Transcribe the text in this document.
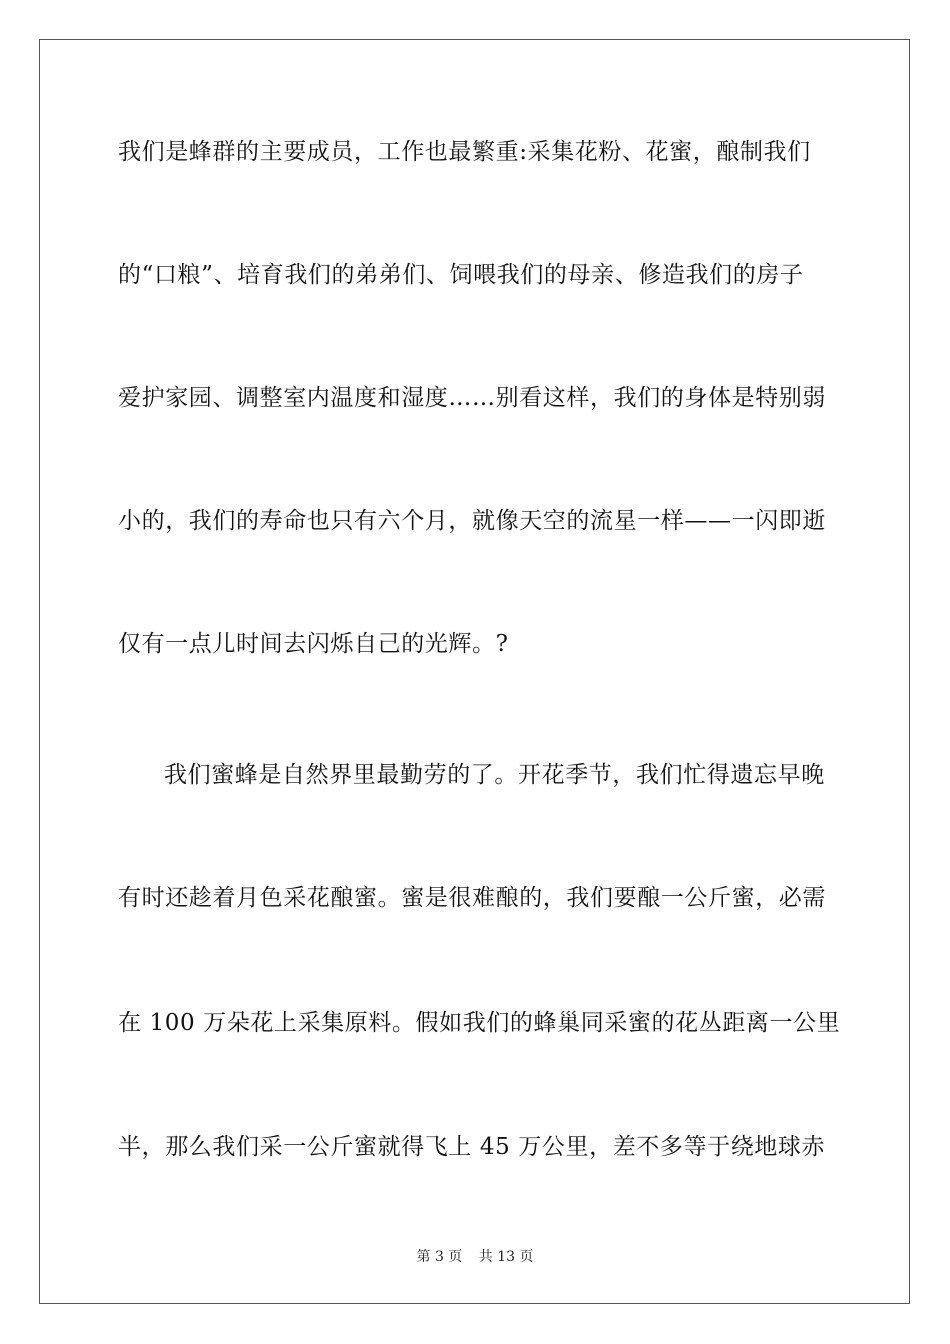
我们是蜂群的主要成员，工作也最繁重:采集花粉、花蜜，酿制我们
的“口粮”、培育我们的弟弟们、饲喂我们的母亲、修造我们的房子
爱护家园、调整室内温度和湿度……别看这样，我们的身体是特别弱
小的，我们的寿命也只有六个月，就像天空的流星一样——一闪即逝
仅有一点儿时间去闪烁自己的光辉。?
我们蜜蜂是自然界里最勤劳的了。开花季节，我们忙得遗忘早晚
有时还趁着月色采花酿蜜。蜜是很难酿的，我们要酿一公斤蜜，必需
在 100 万朵花上采集原料。假如我们的蜂巢同采蜜的花丛距离一公里
半，那么我们采一公斤蜜就得飞上 45 万公里，差不多等于绕地球赤
第 3 页 共 13 页
